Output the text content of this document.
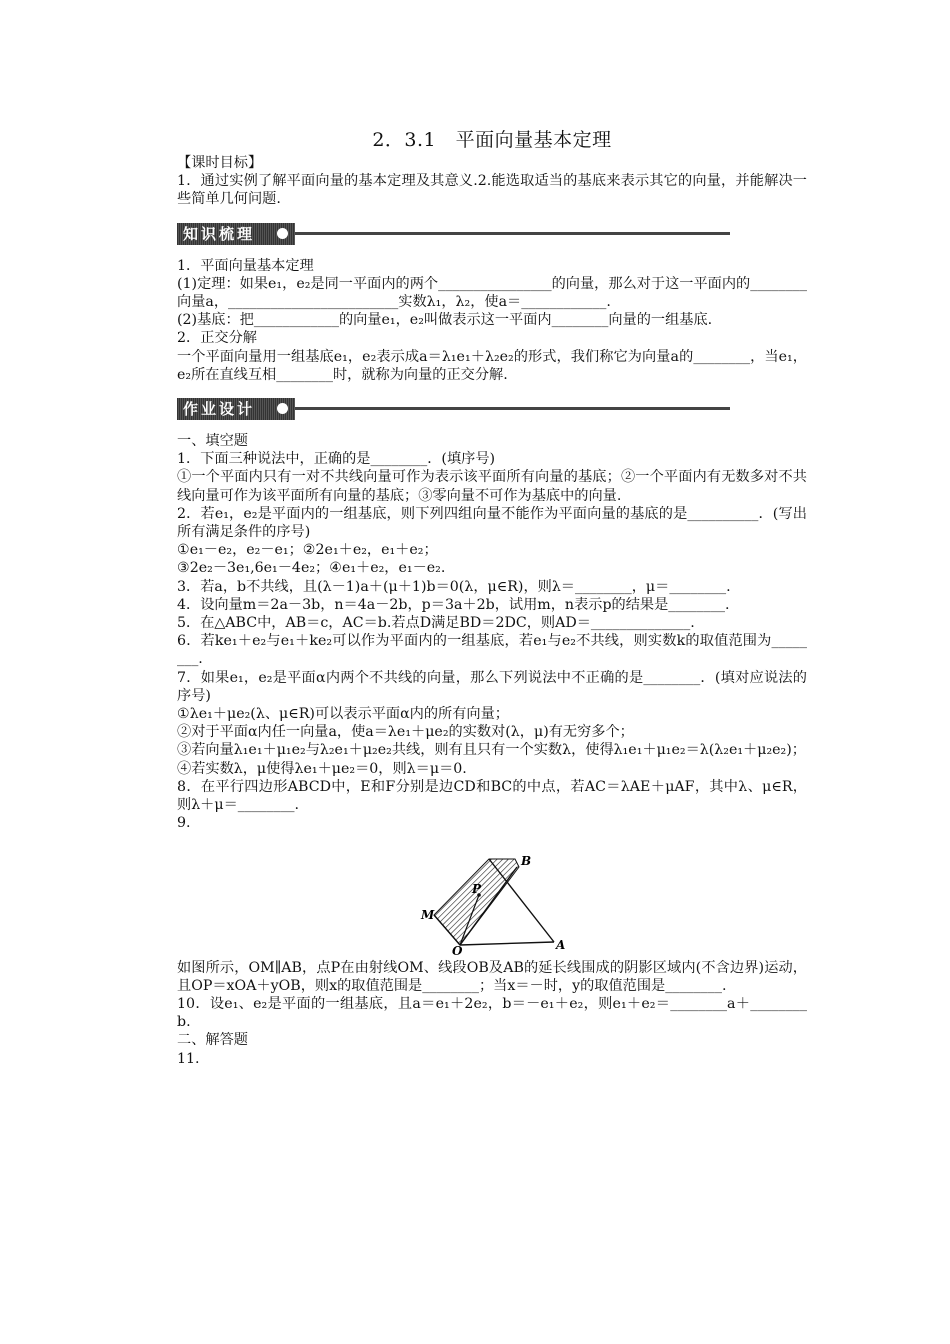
2．3.1　平面向量基本定理

【课时目标】

1．通过实例了解平面向量的基本定理及其意义.2.能选取适当的基底来表示其它的向量，并能解决一些简单几何问题.

知识梳理

1．平面向量基本定理

(1)定理：如果e₁，e₂是同一平面内的两个________________的向量，那么对于这一平面内的________向量a，________________________实数λ₁，λ₂，使a＝____________.

(2)基底：把____________的向量e₁，e₂叫做表示这一平面内________向量的一组基底.

2．正交分解

一个平面向量用一组基底e₁，e₂表示成a＝λ₁e₁＋λ₂e₂的形式，我们称它为向量a的________，当e₁，e₂所在直线互相________时，就称为向量的正交分解.

作业设计

一、填空题

1．下面三种说法中，正确的是________．(填序号)

①一个平面内只有一对不共线向量可作为表示该平面所有向量的基底；②一个平面内有无数多对不共线向量可作为该平面所有向量的基底；③零向量不可作为基底中的向量.

2．若e₁，e₂是平面内的一组基底，则下列四组向量不能作为平面向量的基底的是__________．(写出所有满足条件的序号)

①e₁－e₂，e₂－e₁；②2e₁＋e₂，e₁＋e₂；

③2e₂－3e₁,6e₁－4e₂；④e₁＋e₂，e₁－e₂.

3．若a，b不共线，且(λ－1)a＋(μ＋1)b＝0(λ，μ∈R)，则λ＝________，μ＝________.

4．设向量m＝2a－3b，n＝4a－2b，p＝3a＋2b，试用m，n表示p的结果是________.

5．在△ABC中，AB＝c，AC＝b.若点D满足BD＝2DC，则AD＝______________.

6．若ke₁＋e₂与e₁＋ke₂可以作为平面内的一组基底，若e₁与e₂不共线，则实数k的取值范围为________.

7．如果e₁，e₂是平面α内两个不共线的向量，那么下列说法中不正确的是________．(填对应说法的序号)

①λe₁＋μe₂(λ、μ∈R)可以表示平面α内的所有向量；

②对于平面α内任一向量a，使a＝λe₁＋μe₂的实数对(λ，μ)有无穷多个；

③若向量λ₁e₁＋μ₁e₂与λ₂e₁＋μ₂e₂共线，则有且只有一个实数λ，使得λ₁e₁＋μ₁e₂＝λ(λ₂e₁＋μ₂e₂)；

④若实数λ，μ使得λe₁＋μe₂＝0，则λ＝μ＝0.

8．在平行四边形ABCD中，E和F分别是边CD和BC的中点，若AC＝λAE＋μAF，其中λ、μ∈R，则λ＋μ＝________.

9.

M
P
B
O	A

如图所示，OM∥AB，点P在由射线OM、线段OB及AB的延长线围成的阴影区域内(不含边界)运动，且OP＝xOA＋yOB，则x的取值范围是________；当x＝－时，y的取值范围是________.

10．设e₁、e₂是平面的一组基底，且a＝e₁＋2e₂，b＝－e₁＋e₂，则e₁＋e₂＝________a＋________b.

二、解答题

11.
